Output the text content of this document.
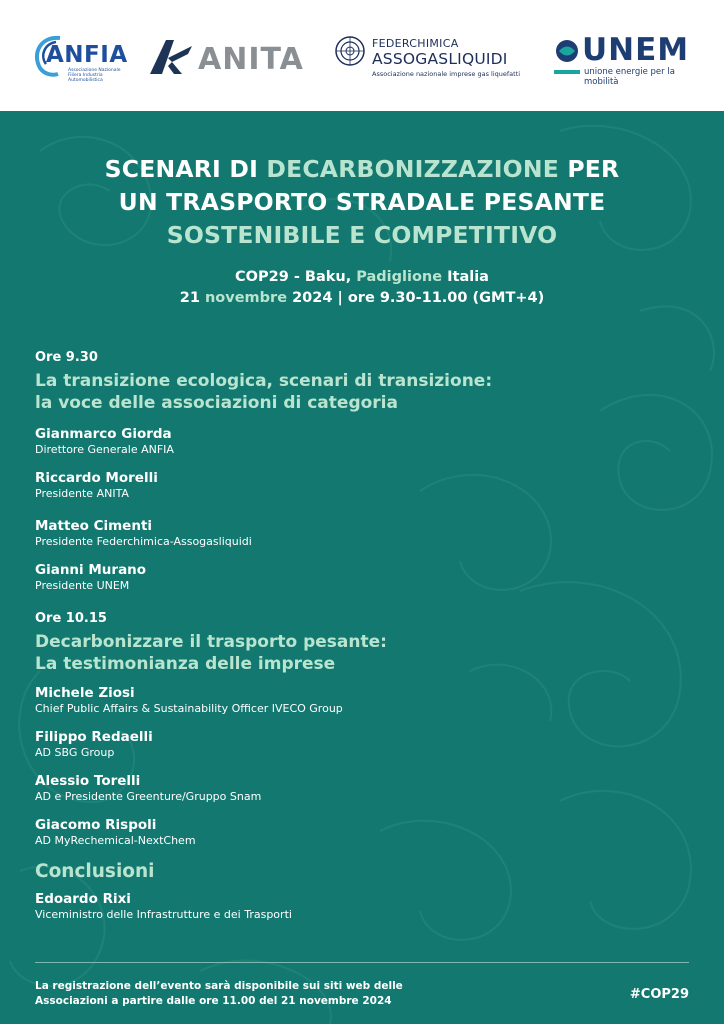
ANFIA
Associazione Nazionale Filiera Industria Automobilistica
ANITA	FEDERCHIMICA
ASSOGASLIQUIDI
Associazione nazionale imprese gas liquefatti
UNEM
unione energie per la mobilità
SCENARI DI DECARBONIZZAZIONE PER
UN TRASPORTO STRADALE PESANTE
SOSTENIBILE E COMPETITIVO
COP29 - Baku, Padiglione Italia
21 novembre 2024 | ore 9.30-11.00 (GMT+4)
Ore 9.30
La transizione ecologica, scenari di transizione:
la voce delle associazioni di categoria
Gianmarco Giorda
Direttore Generale ANFIA
Riccardo Morelli
Presidente ANITA
Matteo Cimenti
Presidente Federchimica-Assogasliquidi
Gianni Murano
Presidente UNEM
Ore 10.15
Decarbonizzare il trasporto pesante:
La testimonianza delle imprese
Michele Ziosi
Chief Public Affairs & Sustainability Officer IVECO Group
Filippo Redaelli
AD SBG Group
Alessio Torelli
AD e Presidente Greenture/Gruppo Snam
Giacomo Rispoli
AD MyRechemical-NextChem
Conclusioni
Edoardo Rixi
Viceministro delle Infrastrutture e dei Trasporti
La registrazione dell’evento sarà disponibile sui siti web delle
Associazioni a partire dalle ore 11.00 del 21 novembre 2024	#COP29
